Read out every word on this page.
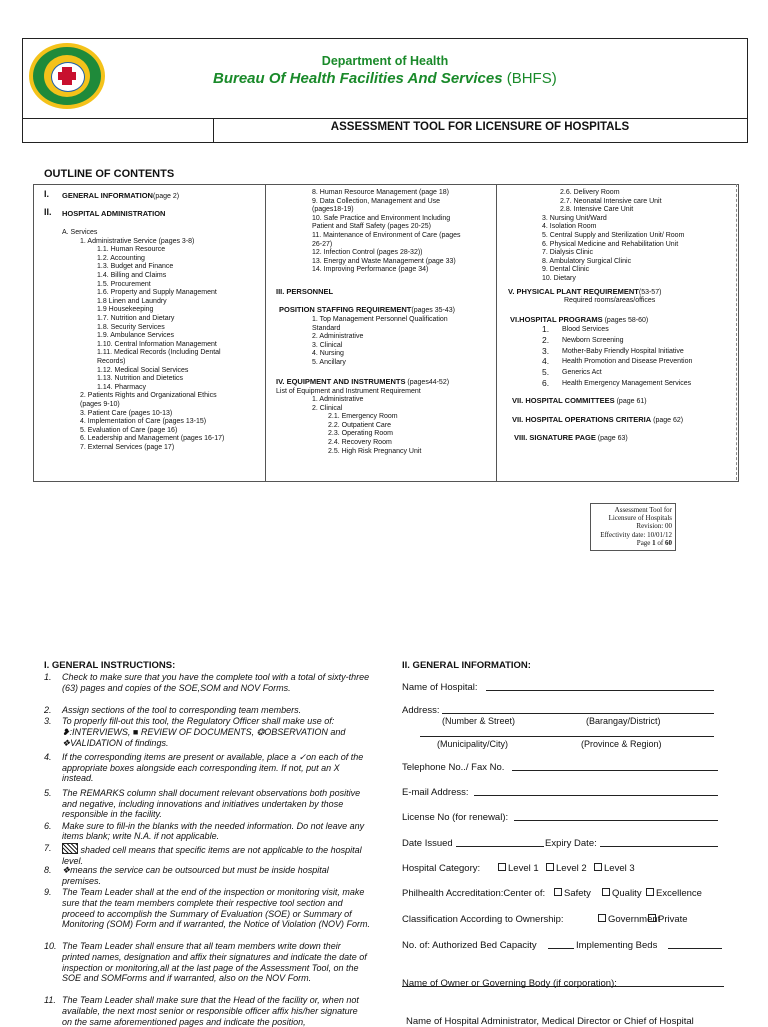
Department of Health
Bureau Of Health Facilities And Services (BHFS)
ASSESSMENT TOOL FOR LICENSURE OF HOSPITALS
OUTLINE OF CONTENTS
I. GENERAL INFORMATION(page 2)
II. HOSPITAL ADMINISTRATION
A. Services
1. Administrative Service (pages 3-8)
1.1. Human Resource
1.2. Accounting
1.3. Budget and Finance
1.4. Billing and Claims
1.5. Procurement
1.6. Property and Supply Management
1.8 Linen and Laundry
1.9 Housekeeping
1.7. Nutrition and Dietary
1.8. Security Services
1.9. Ambulance Services
1.10. Central Information Management
1.11. Medical Records (Including Dental
Records)
1.12. Medical Social Services
1.13. Nutrition and Dietetics
1.14. Pharmacy
2. Patients Rights and Organizational Ethics
(pages 9-10)
3. Patient Care (pages 10-13)
4. Implementation of Care (pages 13-15)
5. Evaluation of Care (page 16)
6. Leadership and Management (pages 16-17)
7. External Services (page 17)
8. Human Resource Management (page 18)
9. Data Collection, Management and Use
(pages18-19)
10. Safe Practice and Environment Including
Patient and Staff Safety (pages 20-25)
11. Maintenance of Environment of Care (pages
26-27)
12. Infection Control (pages 28-32))
13. Energy and Waste Management (page 33)
14. Improving Performance (page 34)
III. PERSONNEL
POSITION STAFFING REQUIREMENT(pages 35-43)
1. Top Management Personnel Qualification
Standard
2. Administrative
3. Clinical
4. Nursing
5. Ancillary
IV. EQUIPMENT AND INSTRUMENTS (pages44-52)
List of Equipment and Instrument Requirement
1. Administrative
2. Clinical
2.1. Emergency Room
2.2. Outpatient Care
2.3. Operating Room
2.4. Recovery Room
2.5. High Risk Pregnancy Unit
2.6. Delivery Room
2.7. Neonatal Intensive care Unit
2.8. Intensive Care Unit
3. Nursing Unit/Ward
4. Isolation Room
5. Central Supply and Sterilization Unit/ Room
6. Physical Medicine and Rehabilitation Unit
7. Dialysis Clinic
8. Ambulatory Surgical Clinic
9. Dental Clinic
10. Dietary
V. PHYSICAL PLANT REQUIREMENT(53-57)
Required rooms/areas/offices
VI.HOSPITAL PROGRAMS (pages 58-60)
1. Blood Services
2. Newborn Screening
3. Mother-Baby Friendly Hospital Initiative
4. Health Promotion and Disease Prevention
5. Generics Act
6. Health Emergency Management Services
VII. HOSPITAL COMMITTEES (page 61)
VII. HOSPITAL OPERATIONS CRITERIA (page 62)
VIII. SIGNATURE PAGE (page 63)
Assessment Tool for
Licensure of Hospitals
Revision: 00
Effectivity date: 10/01/12
Page 1 of 60
I. GENERAL INSTRUCTIONS:
1.	Check to make sure that you have the complete tool with a total of sixty-three (63) pages and copies of the SOE,SOM and NOV Forms.
2.	Assign sections of the tool to corresponding team members.
3.	To properly fill-out this tool, the Regulatory Officer shall make use of: ❥:INTERVIEWS, ■ REVIEW OF DOCUMENTS, ❂OBSERVATION and ❖VALIDATION of findings.
4.	If the corresponding items are present or available, place a ✓on each of the appropriate boxes alongside each corresponding item. If not, put an X instead.
5.	The REMARKS column shall document relevant observations both positive and negative, including innovations and initiatives undertaken by those responsible in the facility.
6.	Make sure to fill-in the blanks with the needed information. Do not leave any items blank; write N.A. if not applicable.
7.	shaded cell means that specific items are not applicable to the hospital level.
8.	❖means the service can be outsourced but must be inside hospital premises.
9.	The Team Leader shall at the end of the inspection or monitoring visit, make sure that the team members complete their respective tool section and proceed to accomplish the Summary of Evaluation (SOE) or Summary of Monitoring (SOM) Form and if warranted, the Notice of Violation (NOV) Form.
10. The Team Leader shall ensure that all team members write down their printed names, designation and affix their signatures and indicate the date of inspection or monitoring,all at the last page of the Assessment Tool, on the SOE and SOMForms and if warranted, also on the NOV Form.
11. The Team Leader shall make sure that the Head of the facility or, when not available, the next most senior or responsible officer affix his/her signature on the same aforementioned pages and indicate the position,
II. GENERAL INFORMATION:
Name of Hospital:
Address:
(Number & Street)	(Barangay/District)
(Municipality/City)	(Province & Region)
Telephone No../ Fax No.
E-mail Address:
License No (for renewal):
Date Issued	Expiry Date:
Hospital Category:	Level 1	Level 2	Level 3
Philhealth Accreditation:Center of:	Safety	Quality	Excellence
Classification According to Ownership:	Government
Private
No. of: Authorized Bed Capacity	Implementing Beds
Name of Owner or Governing Body (if corporation):
Name of Hospital Administrator, Medical Director or Chief of Hospital
